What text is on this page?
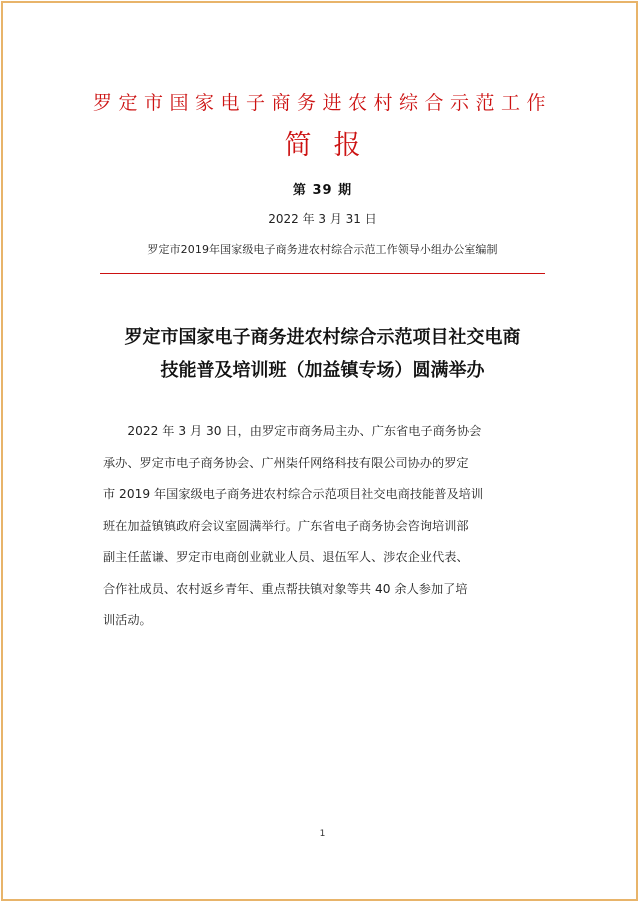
罗定市国家电子商务进农村综合示范工作
简报
第 39 期
2022 年 3 月 31 日
罗定市2019年国家级电子商务进农村综合示范工作领导小组办公室编制
罗定市国家电子商务进农村综合示范项目社交电商
技能普及培训班（加益镇专场）圆满举办
　　2022 年 3 月 30 日，由罗定市商务局主办、广东省电子商务协会
承办、罗定市电子商务协会、广州柒仟网络科技有限公司协办的罗定
市 2019 年国家级电子商务进农村综合示范项目社交电商技能普及培训
班在加益镇镇政府会议室圆满举行。广东省电子商务协会咨询培训部
副主任蓝谦、罗定市电商创业就业人员、退伍军人、涉农企业代表、
合作社成员、农村返乡青年、重点帮扶镇对象等共 40 余人参加了培
训活动。
1
